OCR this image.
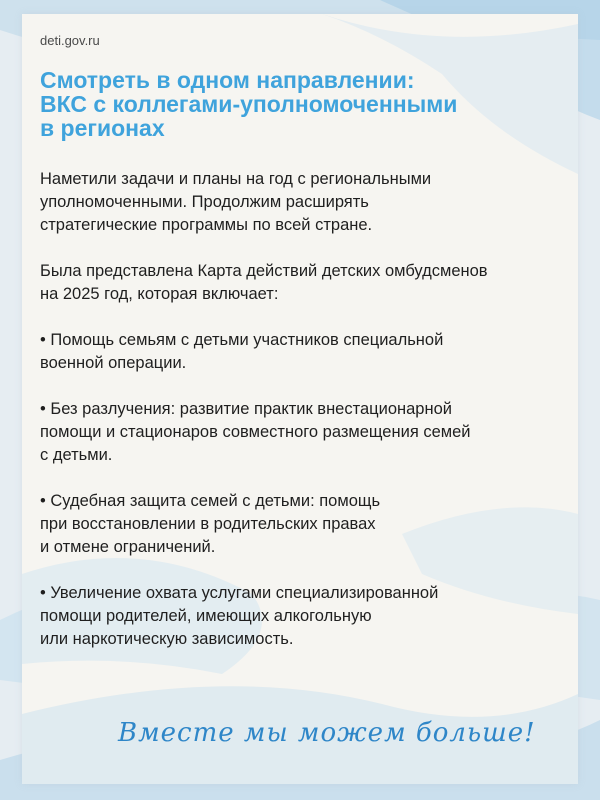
deti.gov.ru
Смотреть в одном направлении:
ВКС с коллегами-уполномоченными
в регионах
Наметили задачи и планы на год с региональными
уполномоченными. Продолжим расширять
стратегические программы по всей стране.
Была представлена Карта действий детских омбудсменов
на 2025 год, которая включает:
• Помощь семьям с детьми участников специальной
военной операции.
• Без разлучения: развитие практик внестационарной
помощи и стационаров совместного размещения семей
с детьми.
• Судебная защита семей с детьми: помощь
при восстановлении в родительских правах
и отмене ограничений.
• Увеличение охвата услугами специализированной
помощи родителей, имеющих алкогольную
или наркотическую зависимость.
Вместе мы можем больше!
